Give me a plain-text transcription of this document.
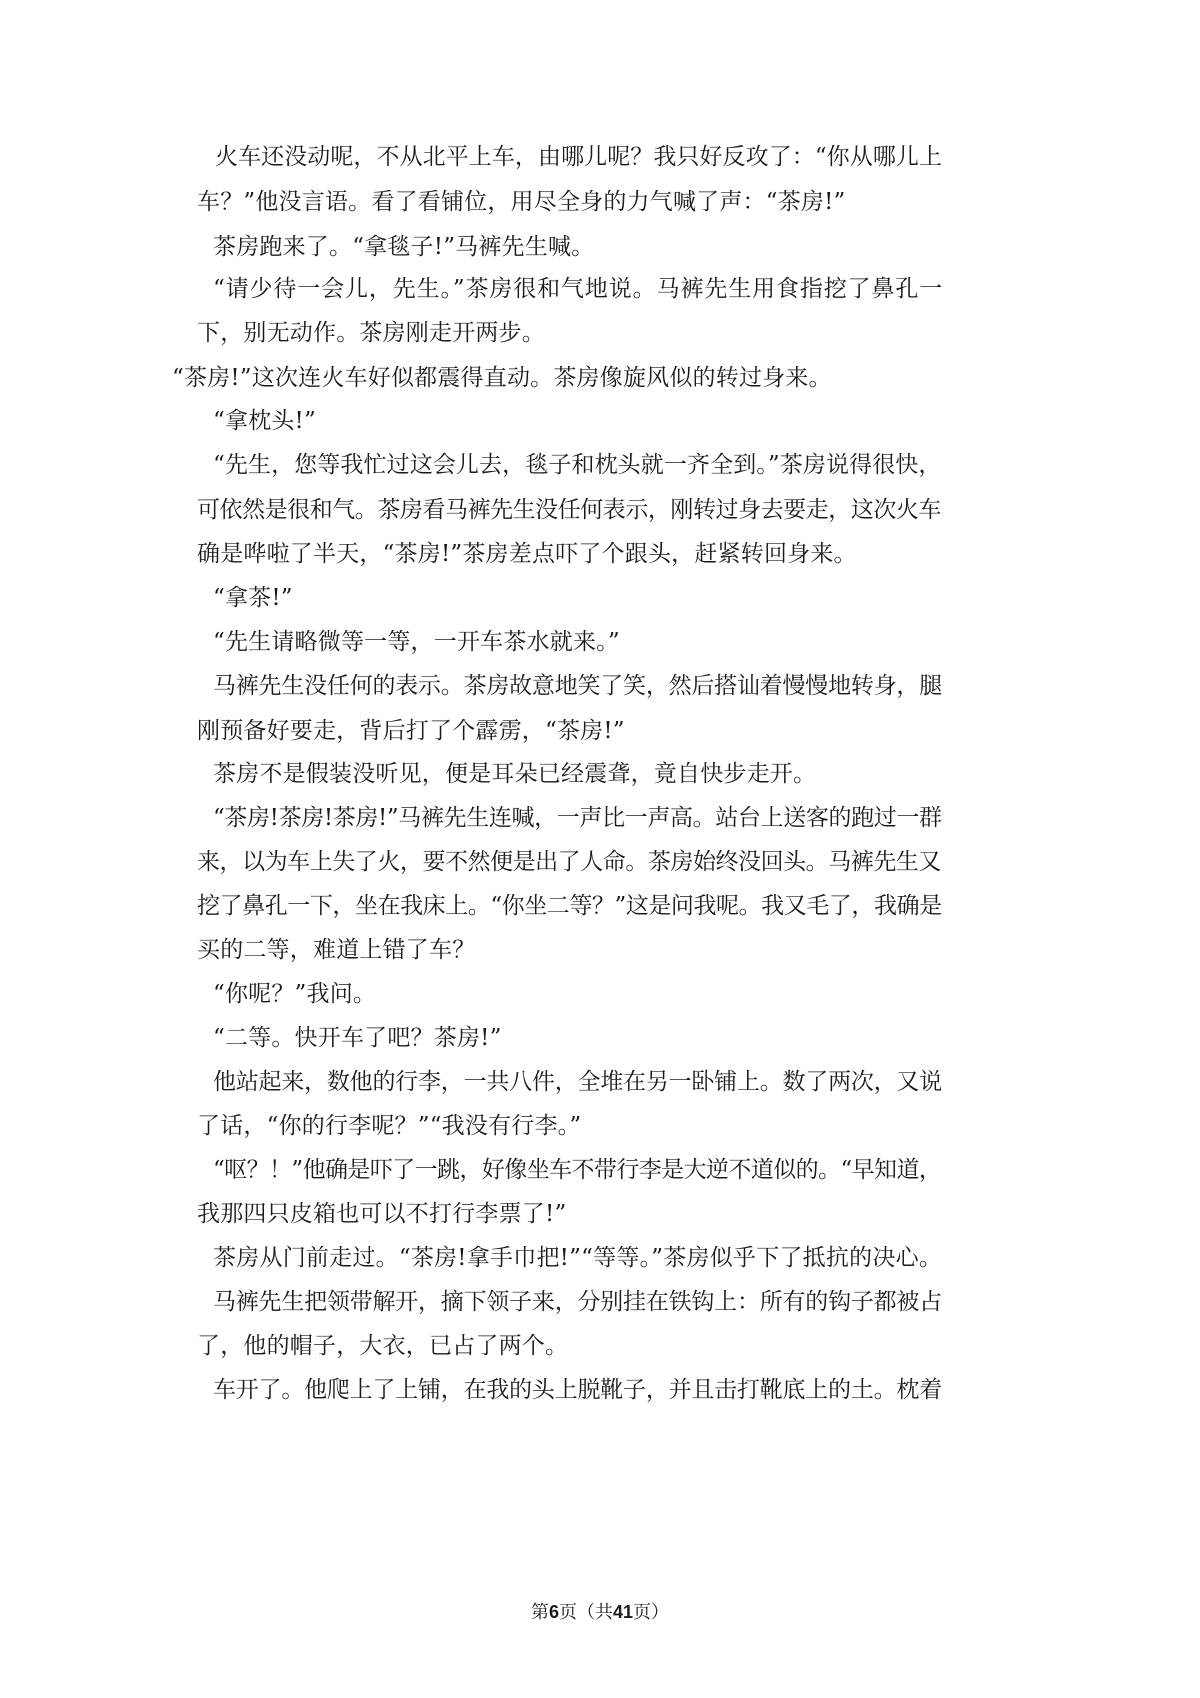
火车还没动呢，不从北平上车，由哪儿呢？我只好反攻了：“你从哪儿上
车？”他没言语。看了看铺位，用尽全身的力气喊了声：“茶房!”
茶房跑来了。“拿毯子!”马裤先生喊。
“请少待一会儿，先生。”茶房很和气地说。马裤先生用食指挖了鼻孔一
下，别无动作。茶房刚走开两步。
“茶房!”这次连火车好似都震得直动。茶房像旋风似的转过身来。
“拿枕头!”
“先生，您等我忙过这会儿去，毯子和枕头就一齐全到。”茶房说得很快，
可依然是很和气。茶房看马裤先生没任何表示，刚转过身去要走，这次火车
确是哗啦了半天，“茶房!”茶房差点吓了个跟头，赶紧转回身来。
“拿茶!”
“先生请略微等一等，一开车茶水就来。”
马裤先生没任何的表示。茶房故意地笑了笑，然后搭讪着慢慢地转身，腿
刚预备好要走，背后打了个霹雳，“茶房!”
茶房不是假装没听见，便是耳朵已经震聋，竟自快步走开。
“茶房!茶房!茶房!”马裤先生连喊，一声比一声高。站台上送客的跑过一群
来，以为车上失了火，要不然便是出了人命。茶房始终没回头。马裤先生又
挖了鼻孔一下，坐在我床上。“你坐二等？”这是问我呢。我又毛了，我确是
买的二等，难道上错了车？
“你呢？”我问。
“二等。快开车了吧？茶房!”
他站起来，数他的行李，一共八件，全堆在另一卧铺上。数了两次，又说
了话，“你的行李呢？”“我没有行李。”
“呕？！”他确是吓了一跳，好像坐车不带行李是大逆不道似的。“早知道，
我那四只皮箱也可以不打行李票了!”
茶房从门前走过。“茶房!拿手巾把!”“等等。”茶房似乎下了抵抗的决心。
马裤先生把领带解开，摘下领子来，分别挂在铁钩上：所有的钩子都被占
了，他的帽子，大衣，已占了两个。
车开了。他爬上了上铺，在我的头上脱靴子，并且击打靴底上的土。枕着
第6页（共41页）
